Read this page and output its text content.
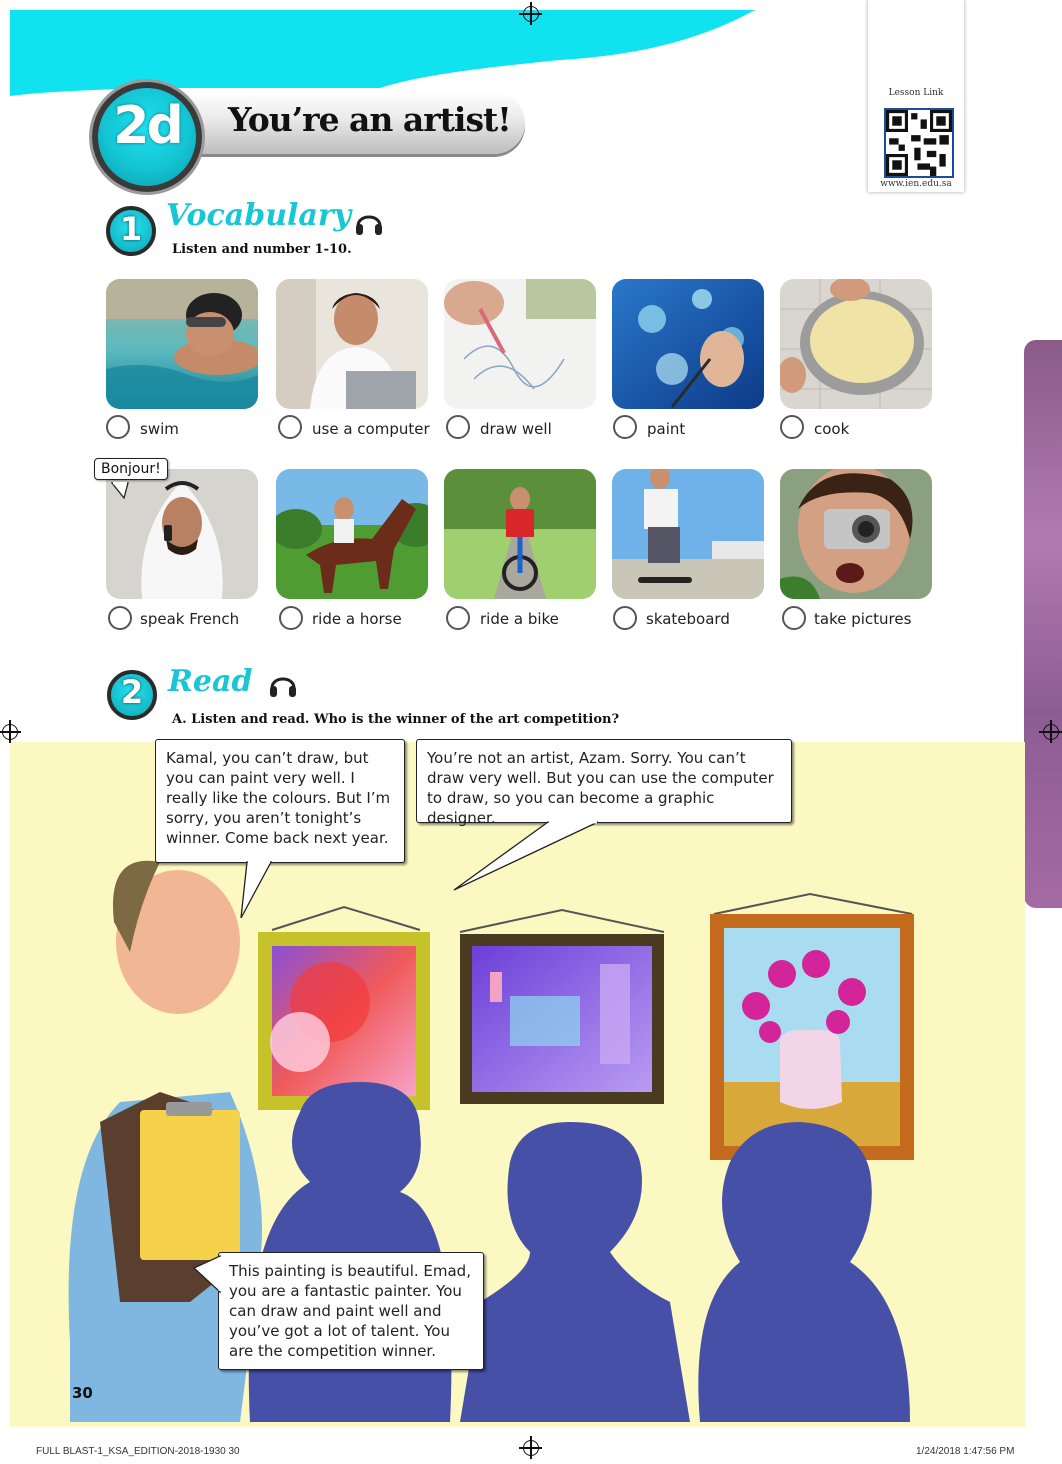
You’re an artist!
2d
Lesson Link
www.ien.edu.sa
1 Vocabulary
Listen and number 1-10.
swim	use a computer	draw well	paint	cook
Bonjour!
speak French	ride a horse	ride a bike	skateboard	take pictures
2 Read
A. Listen and read. Who is the winner of the art competition?
Kamal, you can’t draw, but you can paint very well. I really like the colours. But I’m sorry, you aren’t tonight’s winner. Come back next year.
You’re not an artist, Azam. Sorry. You can’t draw very well. But you can use the computer to draw, so you can become a graphic designer.
This painting is beautiful. Emad, you are a fantastic painter. You can draw and paint well and you’ve got a lot of talent. You are the competition winner.
30
FULL BLAST-1_KSA_EDITION-2018-1930 30	1/24/2018 1:47:56 PM
